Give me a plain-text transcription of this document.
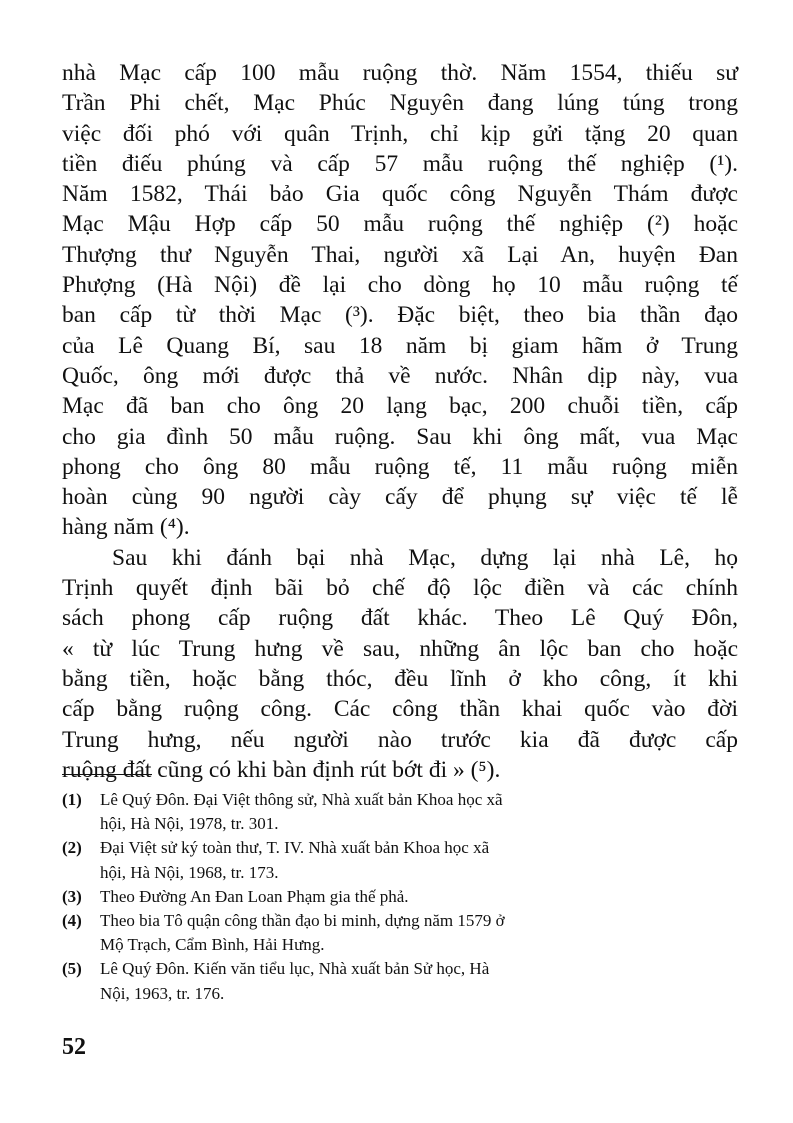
nhà Mạc cấp 100 mẫu ruộng thờ. Năm 1554, thiếu sư
Trần Phi chết, Mạc Phúc Nguyên đang lúng túng trong
việc đối phó với quân Trịnh, chỉ kịp gửi tặng 20 quan
tiền điếu phúng và cấp 57 mẫu ruộng thế nghiệp (¹).
Năm 1582, Thái bảo Gia quốc công Nguyễn Thám được
Mạc Mậu Hợp cấp 50 mẫu ruộng thế nghiệp (²) hoặc
Thượng thư Nguyễn Thai, người xã Lại An, huyện Đan
Phượng (Hà Nội) đề lại cho dòng họ 10 mẫu ruộng tế
ban cấp từ thời Mạc (³). Đặc biệt, theo bia thần đạo
của Lê Quang Bí, sau 18 năm bị giam hãm ở Trung
Quốc, ông mới được thả về nước. Nhân dịp này, vua
Mạc đã ban cho ông 20 lạng bạc, 200 chuỗi tiền, cấp
cho gia đình 50 mẫu ruộng. Sau khi ông mất, vua Mạc
phong cho ông 80 mẫu ruộng tế, 11 mẫu ruộng miễn
hoàn cùng 90 người cày cấy để phụng sự việc tế lễ
hàng năm (⁴).
Sau khi đánh bại nhà Mạc, dựng lại nhà Lê, họ
Trịnh quyết định bãi bỏ chế độ lộc điền và các chính
sách phong cấp ruộng đất khác. Theo Lê Quý Đôn,
« từ lúc Trung hưng về sau, những ân lộc ban cho hoặc
bằng tiền, hoặc bằng thóc, đều lĩnh ở kho công, ít khi
cấp bằng ruộng công. Các công thần khai quốc vào đời
Trung hưng, nếu người nào trước kia đã được cấp
ruộng đất cũng có khi bàn định rút bớt đi » (⁵).
(1)	Lê Quý Đôn. Đại Việt thông sử, Nhà xuất bản Khoa học xã
hội, Hà Nội, 1978, tr. 301.
(2)	Đại Việt sử ký toàn thư, T. IV. Nhà xuất bản Khoa học xã
hội, Hà Nội, 1968, tr. 173.
(3)	Theo Đường An Đan Loan Phạm gia thế phả.
(4)	Theo bia Tô quận công thần đạo bi minh, dựng năm 1579 ở
Mộ Trạch, Cẩm Bình, Hải Hưng.
(5)	Lê Quý Đôn. Kiến văn tiểu lục, Nhà xuất bản Sử học, Hà
Nội, 1963, tr. 176.
52
